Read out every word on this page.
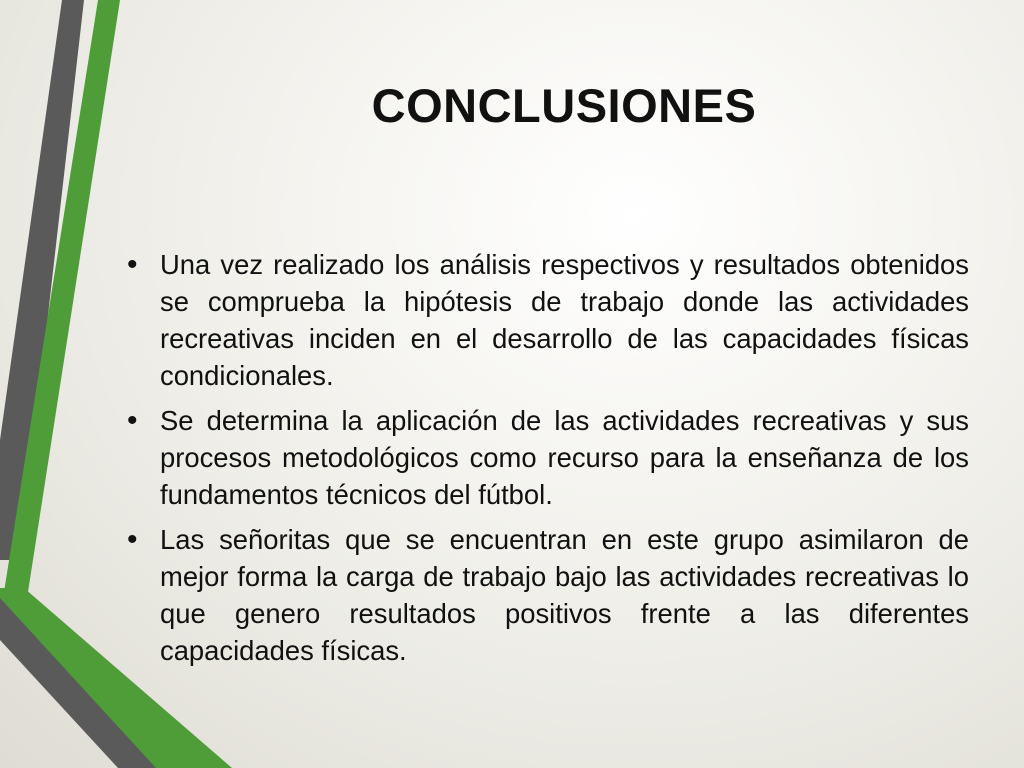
CONCLUSIONES
• Una vez realizado los análisis respectivos y resultados obtenidos se comprueba la hipótesis de trabajo donde las actividades recreativas inciden en el desarrollo de las capacidades físicas condicionales.
• Se determina la aplicación de las actividades recreativas y sus procesos metodológicos como recurso para la enseñanza de los fundamentos técnicos del fútbol.
• Las señoritas que se encuentran en este grupo asimilaron de mejor forma la carga de trabajo bajo las actividades recreativas lo que genero resultados positivos frente a las diferentes capacidades físicas.
